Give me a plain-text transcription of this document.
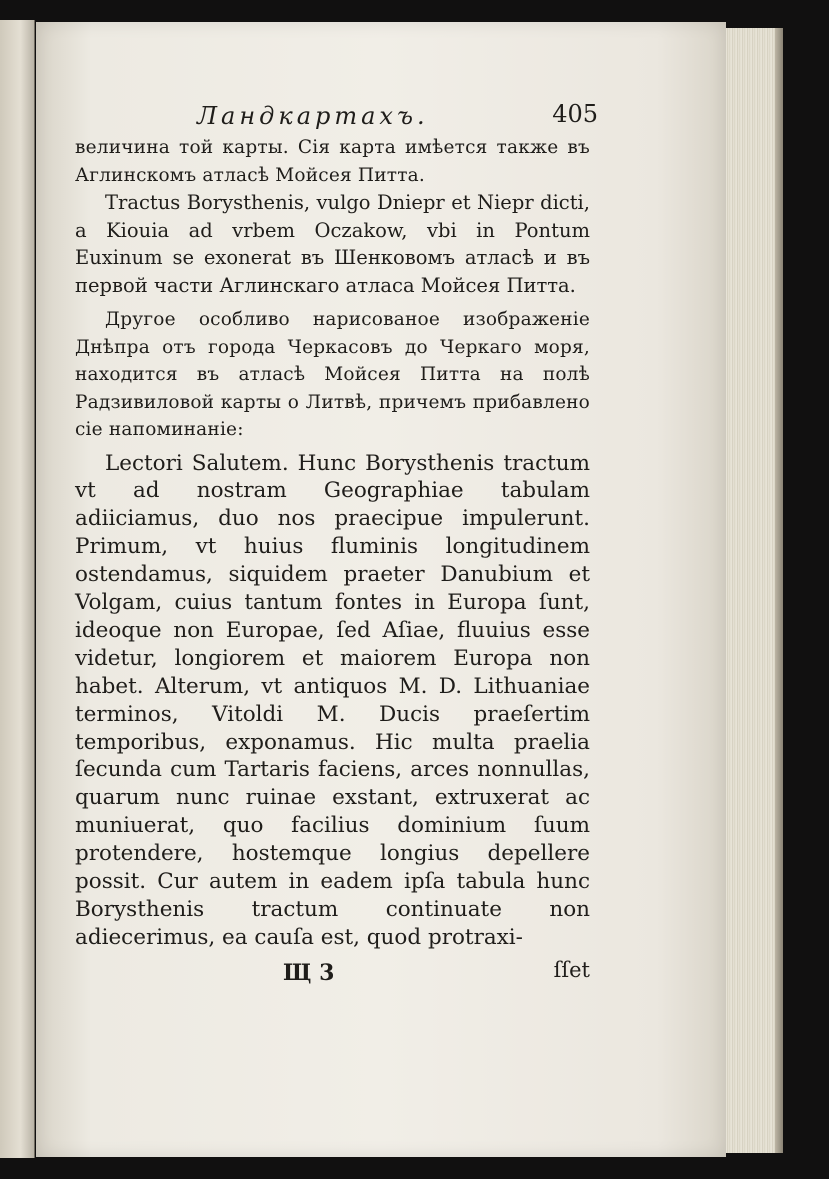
Ландкартахъ.	405

величина той карты. Сія карта имѣется также въ Аглинскомъ атласѣ Мойсея Питта.

Tractus Borysthenis, vulgo Dniepr et Niepr dicti, a Kiouia ad vrbem Oczakow, vbi in Pontum Euxinum se exonerat въ Шенковомъ атласѣ и въ первой части Аглинскаго атласа Мойсея Питта.

Другое особливо нарисованое изображеніе Днѣпра отъ города Черкасовъ до Черкаго моря, находится въ атласѣ Мойсея Питта на полѣ Радзивиловой карты о Литвѣ, причемъ прибавлено сіе напоминаніе:

Lectori Salutem. Hunc Borysthenis tractum vt ad nostram Geographiae tabulam adiiciamus, duo nos praecipue impulerunt. Primum, vt huius fluminis longitudinem ostendamus, siquidem praeter Danubium et Volgam, cuius tantum fontes in Europa ſunt, ideoque non Europae, ſed Aſiae, fluuius esse videtur, longiorem et maiorem Europa non habet. Alterum, vt antiquos M. D. Lithuaniae terminos, Vitoldi M. Ducis praeſertim temporibus, exponamus. Hic multa praelia ſecunda cum Tartaris faciens, arces nonnullas, quarum nunc ruinae exstant, extruxerat ac muniuerat, quo facilius dominium ſuum protendere, hostemque longius depellere possit. Cur autem in eadem ipſa tabula hunc Borysthenis tractum continuate non adiecerimus, ea cauſa est, quod protraxi-

Щ 3	ſſet
